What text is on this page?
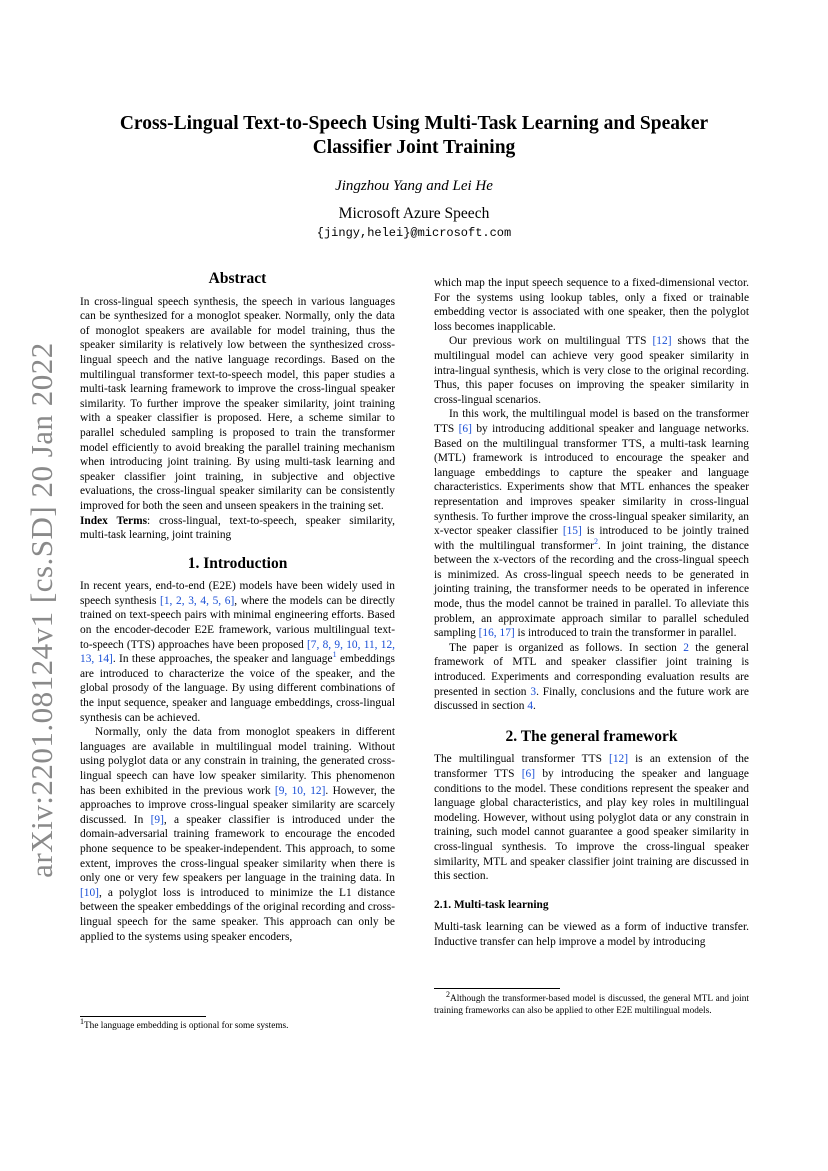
arXiv:2201.08124v1 [cs.SD] 20 Jan 2022
Cross-Lingual Text-to-Speech Using Multi-Task Learning and Speaker Classifier Joint Training
Jingzhou Yang and Lei He
Microsoft Azure Speech
{jingy,helei}@microsoft.com
Abstract

In cross-lingual speech synthesis, the speech in various languages can be synthesized for a monoglot speaker. Normally, only the data of monoglot speakers are available for model training, thus the speaker similarity is relatively low between the synthesized cross-lingual speech and the native language recordings. Based on the multilingual transformer text-to-speech model, this paper studies a multi-task learning framework to improve the cross-lingual speaker similarity. To further improve the speaker similarity, joint training with a speaker classifier is proposed. Here, a scheme similar to parallel scheduled sampling is proposed to train the transformer model efficiently to avoid breaking the parallel training mechanism when introducing joint training. By using multi-task learning and speaker classifier joint training, in subjective and objective evaluations, the cross-lingual speaker similarity can be consistently improved for both the seen and unseen speakers in the training set.

Index Terms: cross-lingual, text-to-speech, speaker similarity, multi-task learning, joint training

1. Introduction

In recent years, end-to-end (E2E) models have been widely used in speech synthesis [1, 2, 3, 4, 5, 6], where the models can be directly trained on text-speech pairs with minimal engineering efforts. Based on the encoder-decoder E2E framework, various multilingual text-to-speech (TTS) approaches have been proposed [7, 8, 9, 10, 11, 12, 13, 14]. In these approaches, the speaker and language$^1$ embeddings are introduced to characterize the voice of the speaker, and the global prosody of the language. By using different combinations of the input sequence, speaker and language embeddings, cross-lingual synthesis can be achieved.

Normally, only the data from monoglot speakers in different languages are available in multilingual model training. Without using polyglot data or any constrain in training, the generated cross-lingual speech can have low speaker similarity. This phenomenon has been exhibited in the previous work [9, 10, 12]. However, the approaches to improve cross-lingual speaker similarity are scarcely discussed. In [9], a speaker classifier is introduced under the domain-adversarial training framework to encourage the encoded phone sequence to be speaker-independent. This approach, to some extent, improves the cross-lingual speaker similarity when there is only one or very few speakers per language in the training data. In [10], a polyglot loss is introduced to minimize the L1 distance between the speaker embeddings of the original recording and cross-lingual speech for the same speaker. This approach can only be applied to the systems using speaker encoders,

which map the input speech sequence to a fixed-dimensional vector. For the systems using lookup tables, only a fixed or trainable embedding vector is associated with one speaker, then the polyglot loss becomes inapplicable.

Our previous work on multilingual TTS [12] shows that the multilingual model can achieve very good speaker similarity in intra-lingual synthesis, which is very close to the original recording. Thus, this paper focuses on improving the speaker similarity in cross-lingual scenarios.

In this work, the multilingual model is based on the transformer TTS [6] by introducing additional speaker and language networks. Based on the multilingual transformer TTS, a multi-task learning (MTL) framework is introduced to encourage the speaker and language embeddings to capture the speaker and language characteristics. Experiments show that MTL enhances the speaker representation and improves speaker similarity in cross-lingual synthesis. To further improve the cross-lingual speaker similarity, an x-vector speaker classifier [15] is introduced to be jointly trained with the multilingual transformer$^2$. In joint training, the distance between the x-vectors of the recording and the cross-lingual speech is minimized. As cross-lingual speech needs to be generated in jointing training, the transformer needs to be operated in inference mode, thus the model cannot be trained in parallel. To alleviate this problem, an approximate approach similar to parallel scheduled sampling [16, 17] is introduced to train the transformer in parallel.

The paper is organized as follows. In section 2 the general framework of MTL and speaker classifier joint training is introduced. Experiments and corresponding evaluation results are presented in section 3. Finally, conclusions and the future work are discussed in section 4.

2. The general framework

The multilingual transformer TTS [12] is an extension of the transformer TTS [6] by introducing the speaker and language conditions to the model. These conditions represent the speaker and language global characteristics, and play key roles in multilingual modeling. However, without using polyglot data or any constrain in training, such model cannot guarantee a good speaker similarity in cross-lingual synthesis. To improve the cross-lingual speaker similarity, MTL and speaker classifier joint training are discussed in this section.

2.1. Multi-task learning

Multi-task learning can be viewed as a form of inductive transfer. Inductive transfer can help improve a model by introducing

1The language embedding is optional for some systems.
2Although the transformer-based model is discussed, the general MTL and joint training frameworks can also be applied to other E2E multilingual models.
